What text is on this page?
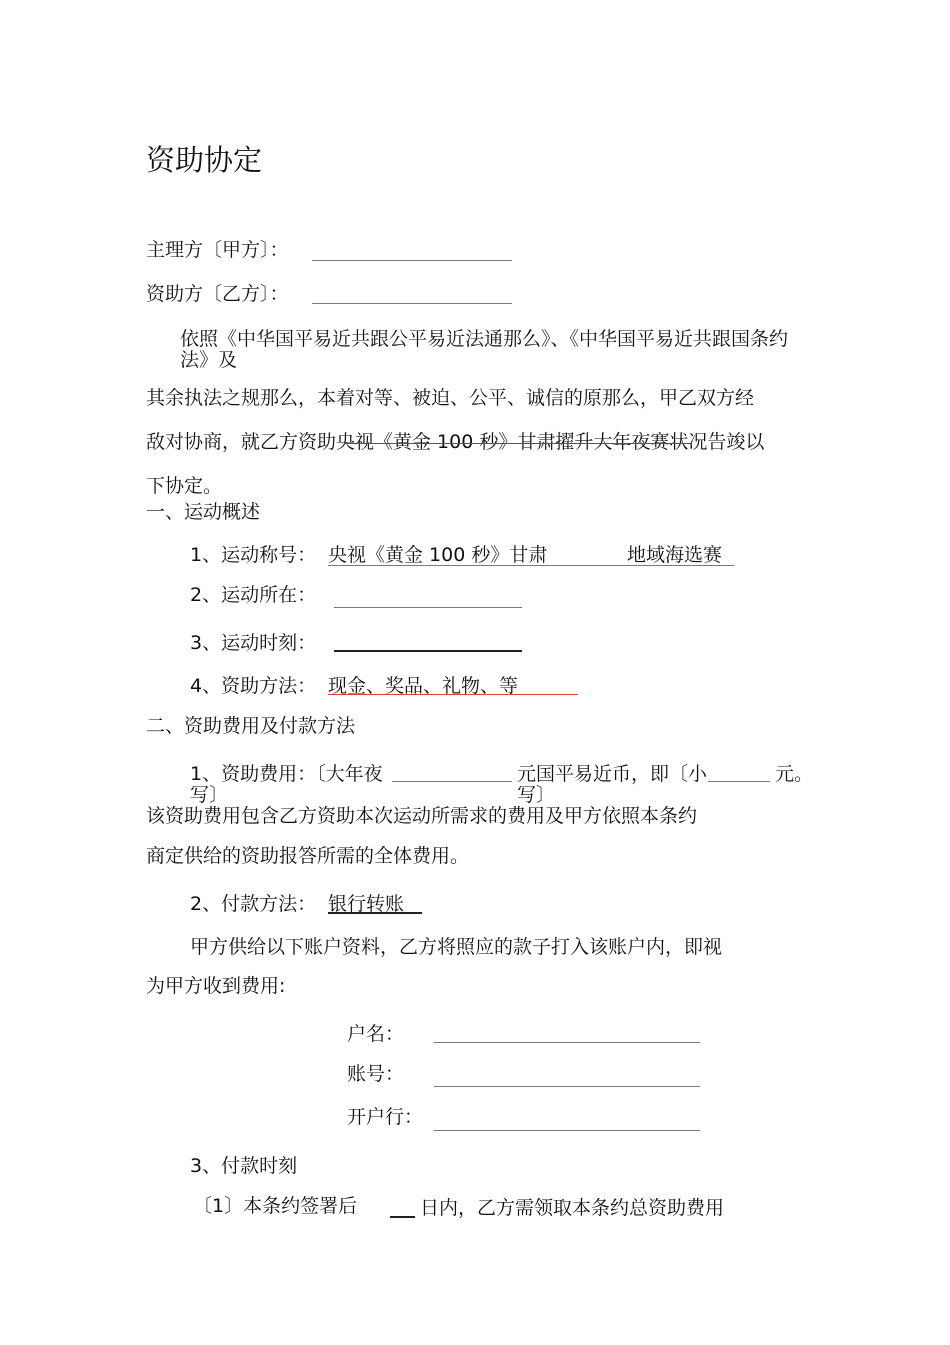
资助协定
主理方〔甲方〕：
资助方〔乙方〕：
依照《中华国平易近共跟公平易近法通那么》、《中华国平易近共跟国条约
法》及
其余执法之规那么，本着对等、被迫、公平、诚信的原那么，甲乙双方经
敌对协商，就乙方资助央视《黄金 100 秒》甘肃擢升大年夜赛状况告竣以
下协定。
一、运动概述
1、运动称号： 央视《黄金 100 秒》甘肃	地域海选赛
2、运动所在：
3、运动时刻：
4、资助方法： 现金、奖品、礼物、等
二、资助费用及付款方法
1、资助费用：〔大年夜
写〕
元国平易近币，即〔小
写〕
元。
该资助费用包含乙方资助本次运动所需求的费用及甲方依照本条约
商定供给的资助报答所需的全体费用。
2、付款方法： 银行转账
甲方供给以下账户资料，乙方将照应的款子打入该账户内，即视
为甲方收到费用:
户名：
账号：
开户行：
3、付款时刻
〔1〕本条约签署后	日内，乙方需领取本条约总资助费用
